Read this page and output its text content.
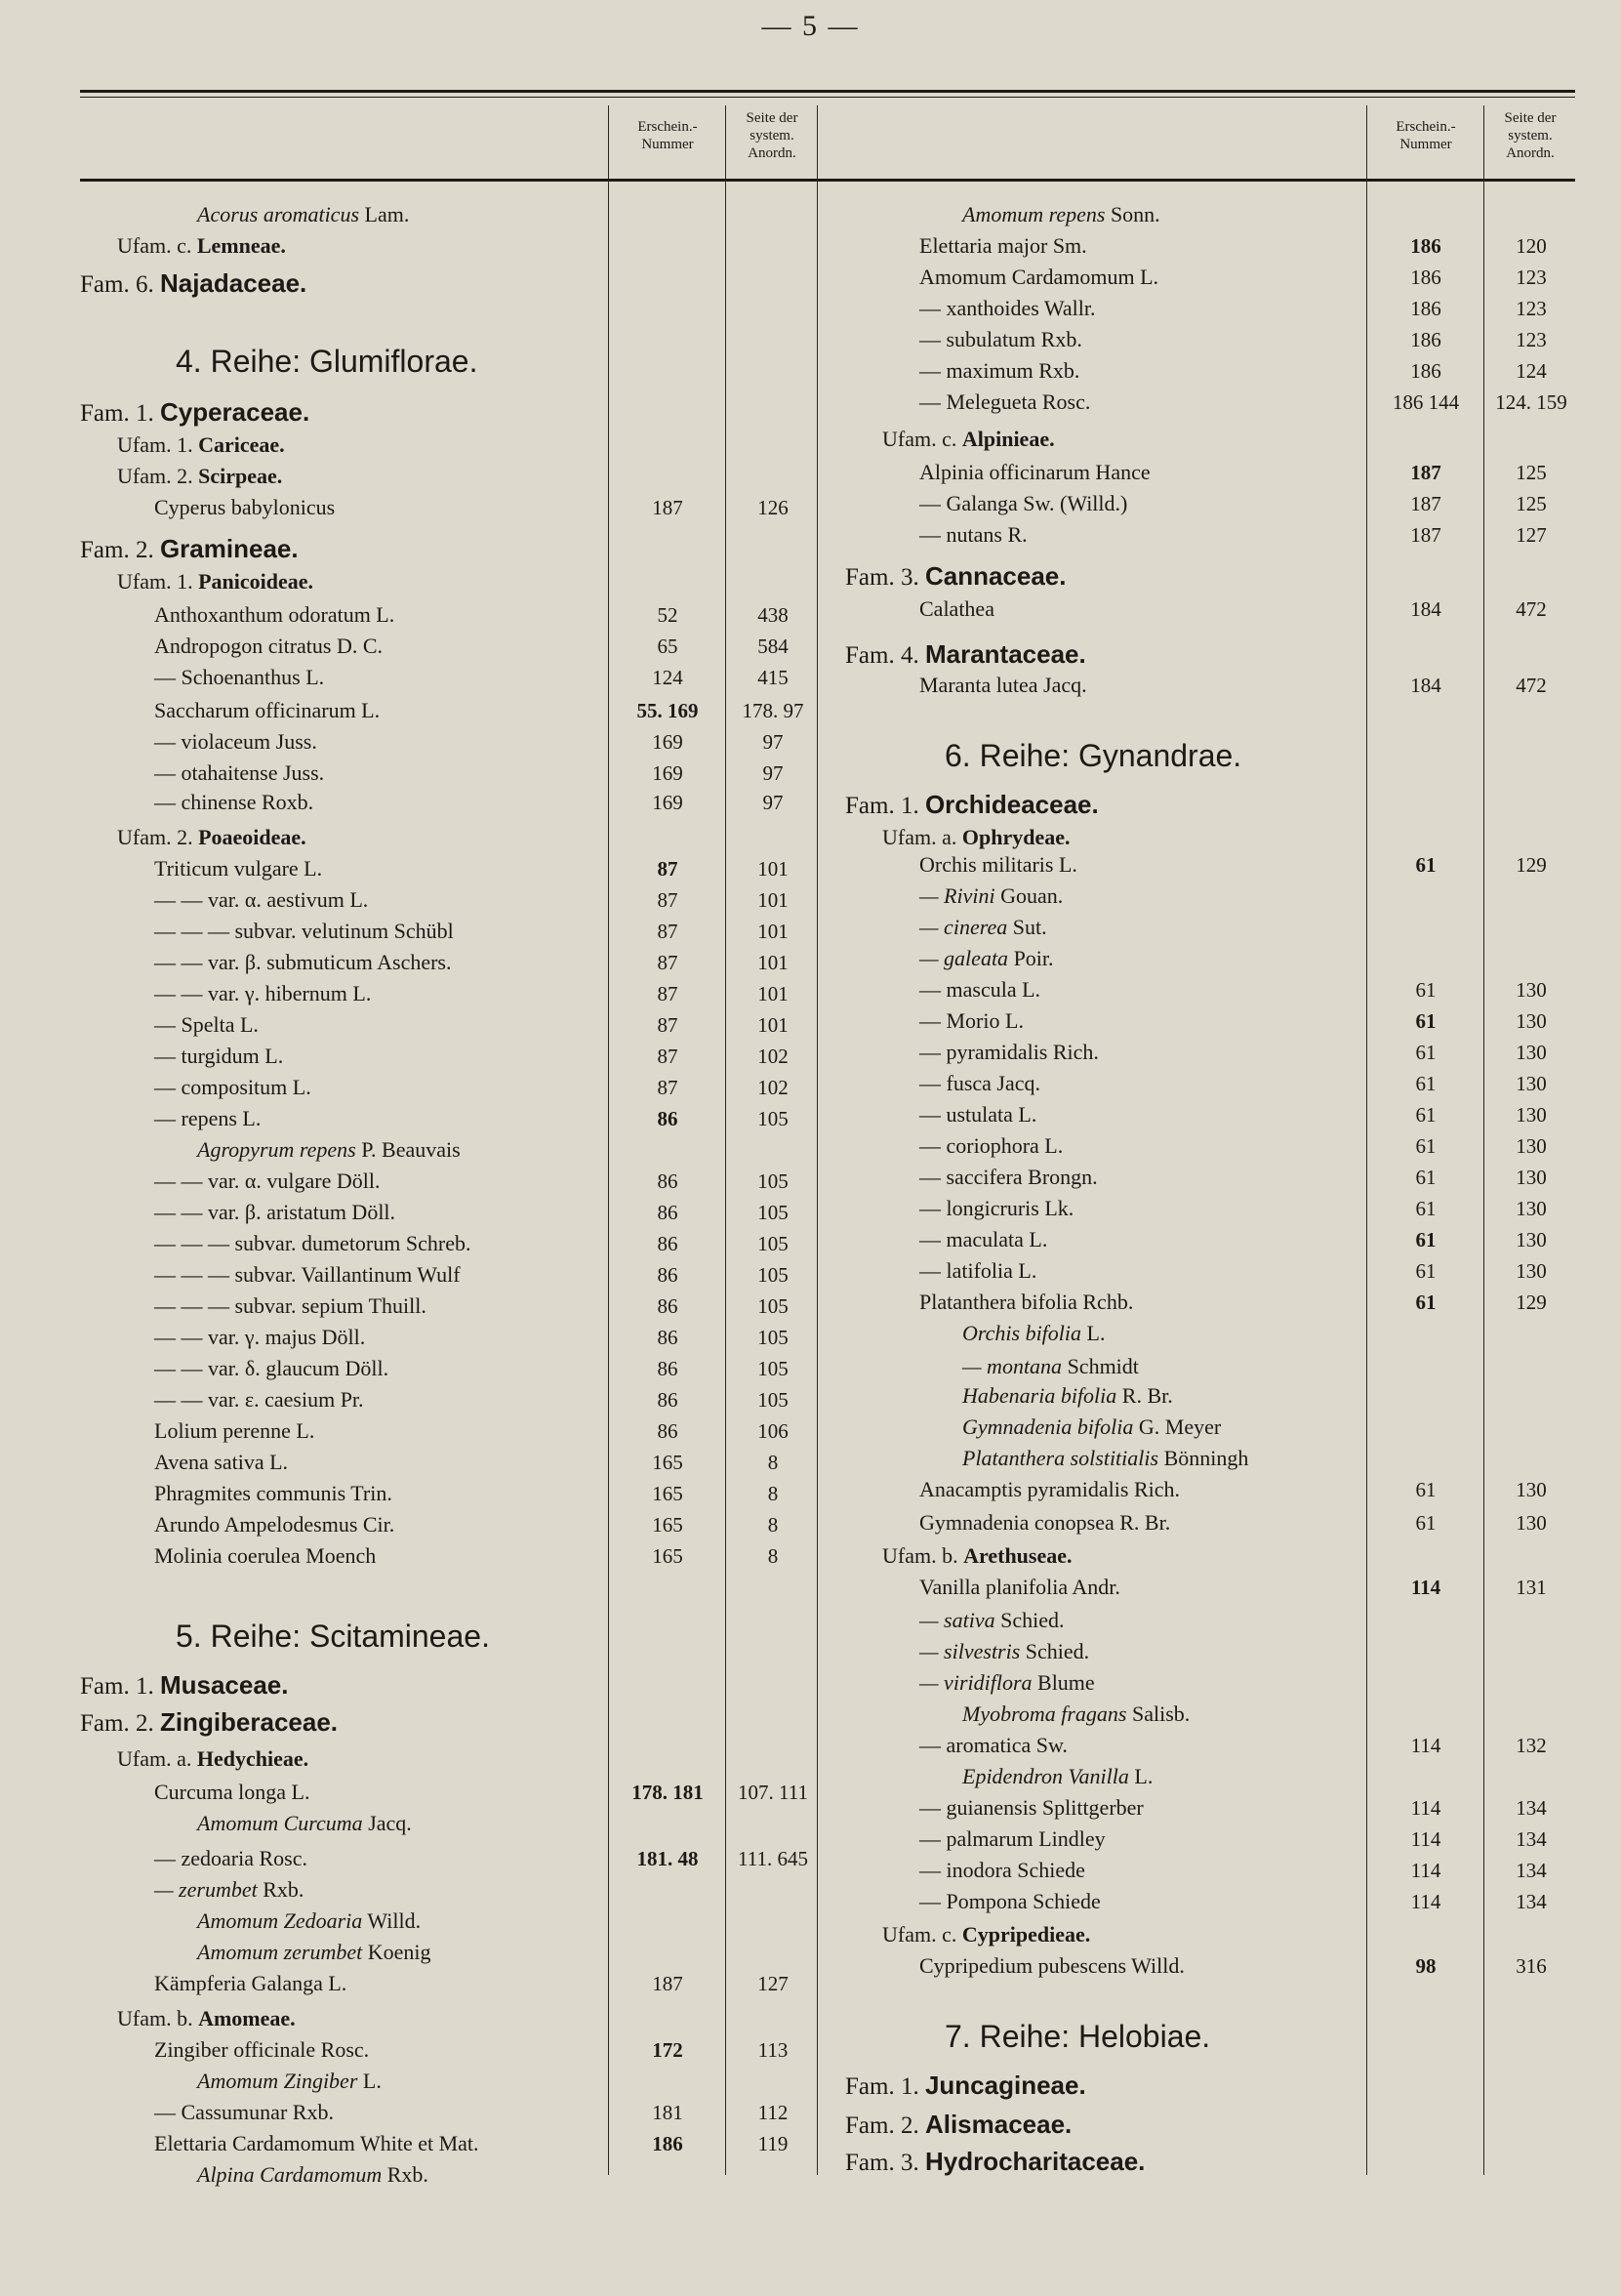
— 5 —
Erschein.-
Nummer
Seite der
system.
Anordn.
Erschein.-
Nummer
Seite der
system.
Anordn.
Acorus aromaticus Lam.
Ufam. c. Lemneae.
Fam. 6. Najadaceae.
4. Reihe: Glumiflorae.
Fam. 1. Cyperaceae.
Ufam. 1. Cariceae.
Ufam. 2. Scirpeae.
Cyperus babylonicus	187	126
Fam. 2. Gramineae.
Ufam. 1. Panicoideae.
Anthoxanthum odoratum L.	52	438
Andropogon citratus D. C.	65	584
— Schoenanthus L.	124	415
Saccharum officinarum L.	55. 169	178. 97
— violaceum Juss.	169	97
— otahaitense Juss.	169	97
— chinense Roxb.	169	97
Ufam. 2. Poaeoideae.
Triticum vulgare L.	87	101
— — var. α. aestivum L.	87	101
— — — subvar. velutinum Schübl	87	101
— — var. β. submuticum Aschers.	87	101
— — var. γ. hibernum L.	87	101
— Spelta L.	87	101
— turgidum L.	87	102
— compositum L.	87	102
— repens L.	86	105
Agropyrum repens P. Beauvais
— — var. α. vulgare Döll.	86	105
— — var. β. aristatum Döll.	86	105
— — — subvar. dumetorum Schreb.	86	105
— — — subvar. Vaillantinum Wulf	86	105
— — — subvar. sepium Thuill.	86	105
— — var. γ. majus Döll.	86	105
— — var. δ. glaucum Döll.	86	105
— — var. ε. caesium Pr.	86	105
Lolium perenne L.	86	106
Avena sativa L.	165	8
Phragmites communis Trin.	165	8
Arundo Ampelodesmus Cir.	165	8
Molinia coerulea Moench	165	8
5. Reihe: Scitamineae.
Fam. 1. Musaceae.
Fam. 2. Zingiberaceae.
Ufam. a. Hedychieae.
Curcuma longa L.	178. 181	107. 111
Amomum Curcuma Jacq.
— zedoaria Rosc.	181. 48	111. 645
— zerumbet Rxb.
Amomum Zedoaria Willd.
Amomum zerumbet Koenig
Kämpferia Galanga L.	187	127
Ufam. b. Amomeae.
Zingiber officinale Rosc.	172	113
Amomum Zingiber L.
— Cassumunar Rxb.	181	112
Elettaria Cardamomum White et Mat.	186	119
Alpina Cardamomum Rxb.
Amomum repens Sonn.
Elettaria major Sm.	186	120
Amomum Cardamomum L.	186	123
— xanthoides Wallr.	186	123
— subulatum Rxb.	186	123
— maximum Rxb.	186	124
— Melegueta Rosc.	186 144	124. 159
Ufam. c. Alpinieae.
Alpinia officinarum Hance	187	125
— Galanga Sw. (Willd.)	187	125
— nutans R.	187	127
Fam. 3. Cannaceae.
Calathea	184	472
Fam. 4. Marantaceae.
Maranta lutea Jacq.	184	472
6. Reihe: Gynandrae.
Fam. 1. Orchideaceae.
Ufam. a. Ophrydeae.
Orchis militaris L.	61	129
— Rivini Gouan.
— cinerea Sut.
— galeata Poir.
— mascula L.	61	130
— Morio L.	61	130
— pyramidalis Rich.	61	130
— fusca Jacq.	61	130
— ustulata L.	61	130
— coriophora L.	61	130
— saccifera Brongn.	61	130
— longicruris Lk.	61	130
— maculata L.	61	130
— latifolia L.	61	130
Platanthera bifolia Rchb.	61	129
Orchis bifolia L.
— montana Schmidt
Habenaria bifolia R. Br.
Gymnadenia bifolia G. Meyer
Platanthera solstitialis Bönningh
Anacamptis pyramidalis Rich.	61	130
Gymnadenia conopsea R. Br.	61	130
Ufam. b. Arethuseae.
Vanilla planifolia Andr.	114	131
— sativa Schied.
— silvestris Schied.
— viridiflora Blume
Myobroma fragans Salisb.
— aromatica Sw.	114	132
Epidendron Vanilla L.
— guianensis Splittgerber	114	134
— palmarum Lindley	114	134
— inodora Schiede	114	134
— Pompona Schiede	114	134
Ufam. c. Cypripedieae.
Cypripedium pubescens Willd.	98	316
7. Reihe: Helobiae.
Fam. 1. Juncagineae.
Fam. 2. Alismaceae.
Fam. 3. Hydrocharitaceae.
